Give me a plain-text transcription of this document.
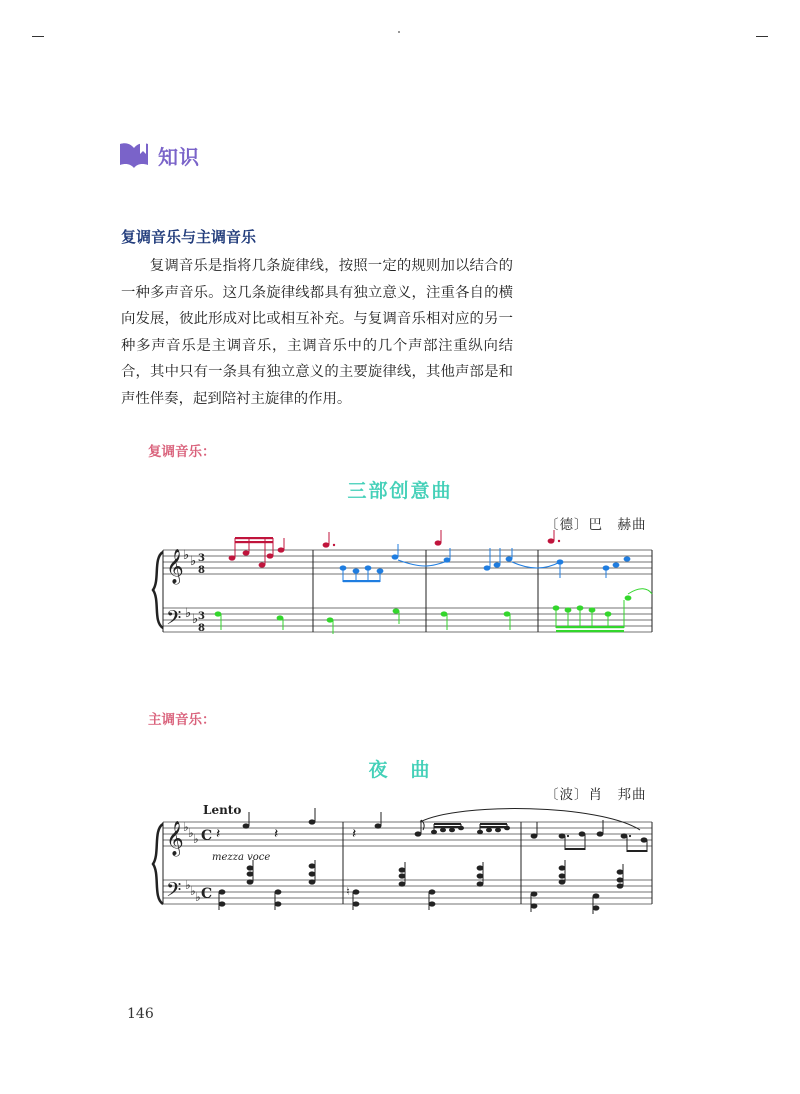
知识
复调音乐与主调音乐
复调音乐是指将几条旋律线，按照一定的规则加以结合的一种多声音乐。这几条旋律线都具有独立意义，注重各自的横向发展，彼此形成对比或相互补充。与复调音乐相对应的另一种多声音乐是主调音乐，主调音乐中的几个声部注重纵向结合，其中只有一条具有独立意义的主要旋律线，其他声部是和声性伴奏，起到陪衬主旋律的作用。
复调音乐：
三部创意曲
〔德〕巴　赫曲
𝄞
𝄢
♭ ♭
♭ ♭
3
8
3
8
主调音乐：
夜　曲
〔波〕肖　邦曲
Lento
𝄞
𝄢
♭ ♭ ♭
♭ ♭ ♭
C
C
mezza voce
𝄽	𝄽	𝄽
♮
146
